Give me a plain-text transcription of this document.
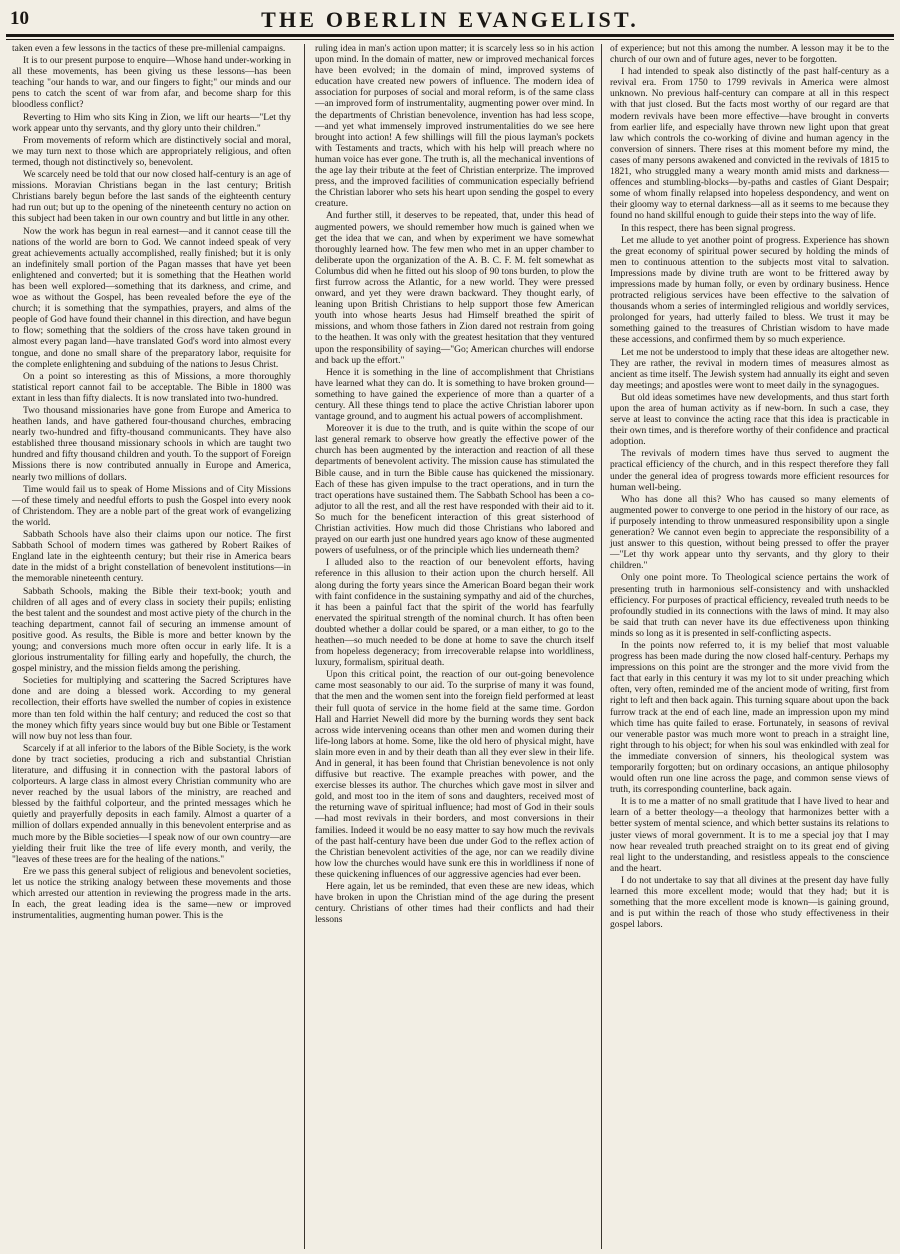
10	THE OBERLIN EVANGELIST.

taken even a few lessons in the tactics of these pre-millenial campaigns.

It is to our present purpose to enquire—Whose hand under-working in all these movements, has been giving us these lessons—has been teaching "our hands to war, and our fingers to fight;" our minds and our pens to catch the scent of war from afar, and become sharp for this bloodless conflict?

Reverting to Him who sits King in Zion, we lift our hearts—"Let thy work appear unto thy servants, and thy glory unto their children."

From movements of reform which are distinctively social and moral, we may turn next to those which are appropriately religious, and often termed, though not distinctively so, benevolent.

We scarcely need be told that our now closed half-century is an age of missions. Moravian Christians began in the last century; British Christians barely begun before the last sands of the eighteenth century had run out; but up to the opening of the nineteenth century no action on this subject had been taken in our own country and but little in any other.

Now the work has begun in real earnest—and it cannot cease till the nations of the world are born to God. We cannot indeed speak of very great achievements actually accomplished, really finished; but it is only an indefinitely small portion of the Pagan masses that have yet been enlightened and converted; but it is something that the Heathen world has been well explored—something that its darkness, and crime, and woe as without the Gospel, has been revealed before the eye of the church; it is something that the sympathies, prayers, and alms of the people of God have found their channel in this direction, and have begun to flow; something that the soldiers of the cross have taken ground in almost every pagan land—have translated God's word into almost every tongue, and done no small share of the preparatory labor, requisite for the complete enlightening and subduing of the nations to Jesus Christ.

On a point so interesting as this of Missions, a more thoroughly statistical report cannot fail to be acceptable. The Bible in 1800 was extant in less than fifty dialects. It is now translated into two-hundred.

Two thousand missionaries have gone from Europe and America to heathen lands, and have gathered four-thousand churches, embracing nearly two-hundred and fifty-thousand communicants. They have also established three thousand missionary schools in which are taught two hundred and fifty thousand children and youth. To the support of Foreign Missions there is now contributed annually in Europe and America, nearly two millions of dollars.

Time would fail us to speak of Home Missions and of City Missions—of these timely and needful efforts to push the Gospel into every nook of Christendom. They are a noble part of the great work of evangelizing the world.

Sabbath Schools have also their claims upon our notice. The first Sabbath School of modern times was gathered by Robert Raikes of England late in the eighteenth century; but their rise in America bears date in the midst of a bright constellation of benevolent institutions—in the memorable nineteenth century.

Sabbath Schools, making the Bible their text-book; youth and children of all ages and of every class in society their pupils; enlisting the best talent and the soundest and most active piety of the church in the teaching department, cannot fail of securing an immense amount of positive good. As results, the Bible is more and better known by the young; and conversions much more often occur in early life. It is a glorious instrumentality for filling early and hopefully, the church, the gospel ministry, and the mission fields among the perishing.

Societies for multiplying and scattering the Sacred Scriptures have done and are doing a blessed work. According to my general recollection, their efforts have swelled the number of copies in existence more than ten fold within the half century; and reduced the cost so that the money which fifty years since would buy but one Bible or Testament will now buy not less than four.

Scarcely if at all inferior to the labors of the Bible Society, is the work done by tract societies, producing a rich and substantial Christian literature, and diffusing it in connection with the pastoral labors of colporteurs. A large class in almost every Christian community who are never reached by the usual labors of the ministry, are reached and blessed by the faithful colporteur, and the printed messages which he quietly and prayerfully deposits in each family. Almost a quarter of a million of dollars expended annually in this benevolent enterprise and as much more by the Bible societies—I speak now of our own country—are yielding their fruit like the tree of life every month, and verily, the "leaves of these trees are for the healing of the nations."

Ere we pass this general subject of religious and benevolent societies, let us notice the striking analogy between these movements and those which arrested our attention in reviewing the progress made in the arts. In each, the great leading idea is the same—new or improved instrumentalities, augmenting human power. This is the

ruling idea in man's action upon matter; it is scarcely less so in his action upon mind. In the domain of matter, new or improved mechanical forces have been evolved; in the domain of mind, improved systems of education have created new powers of influence. The modern idea of association for purposes of social and moral reform, is of the same class—an improved form of instrumentality, augmenting power over mind. In the departments of Christian benevolence, invention has had less scope,—and yet what immensely improved instrumentalities do we see here brought into action! A few shillings will fill the pious layman's pockets with Testaments and tracts, which with his help will preach where no human voice has ever gone. The truth is, all the mechanical inventions of the age lay their tribute at the feet of Christian enterprize. The improved press, and the improved facilities of communication especially befriend the Christian laborer who sets his heart upon sending the gospel to every creature.

And further still, it deserves to be repeated, that, under this head of augmented powers, we should remember how much is gained when we get the idea that we can, and when by experiment we have somewhat thoroughly learned how. The few men who met in an upper chamber to deliberate upon the organization of the A. B. C. F. M. felt somewhat as Columbus did when he fitted out his sloop of 90 tons burden, to plow the first furrow across the Atlantic, for a new world. They were pressed onward, and yet they were drawn backward. They thought early, of leaning upon British Christians to help support those few American youth into whose hearts Jesus had Himself breathed the spirit of missions, and whom those fathers in Zion dared not restrain from going to the heathen. It was only with the greatest hesitation that they ventured upon the responsibility of saying—"Go; American churches will endorse and back up the effort."

Hence it is something in the line of accomplishment that Christians have learned what they can do. It is something to have broken ground—something to have gained the experience of more than a quarter of a century. All these things tend to place the active Christian laborer upon vantage ground, and to augment his actual powers of accomplishment.

Moreover it is due to the truth, and is quite within the scope of our last general remark to observe how greatly the effective power of the church has been augmented by the interaction and reaction of all these departments of benevolent activity. The mission cause has stimulated the Bible cause, and in turn the Bible cause has quickened the missionary. Each of these has given impulse to the tract operations, and in turn the tract operations have sustained them. The Sabbath School has been a co-adjutor to all the rest, and all the rest have responded with their aid to it. So much for the beneficent interaction of this great sisterhood of Christian activities. How much did those Christians who labored and prayed on our earth just one hundred years ago know of these augmented powers of usefulness, or of the principle which lies underneath them?

I alluded also to the reaction of our benevolent efforts, having reference in this allusion to their action upon the church herself. All along during the forty years since the American Board began their work with faint confidence in the sustaining sympathy and aid of the churches, it has been a painful fact that the spirit of the world has fearfully enervated the spiritual strength of the nominal church. It has often been doubted whether a dollar could be spared, or a man either, to go to the heathen—so much needed to be done at home to save the church itself from hopeless degeneracy; from irrecoverable relapse into worldliness, luxury, formalism, spiritual death.

Upon this critical point, the reaction of our out-going benevolence came most seasonably to our aid. To the surprise of many it was found, that the men and the women sent into the foreign field performed at least their full quota of service in the home field at the same time. Gordon Hall and Harriet Newell did more by the burning words they sent back across wide intervening oceans than other men and women during their life-long labors at home. Some, like the old hero of physical might, have slain more even in and by their death than all they ever slew in their life. And in general, it has been found that Christian benevolence is not only diffusive but reactive. The example preaches with power, and the exercise blesses its author. The churches which gave most in silver and gold, and most too in the item of sons and daughters, received most of the returning wave of spiritual influence; had most of God in their souls—had most revivals in their borders, and most conversions in their families. Indeed it would be no easy matter to say how much the revivals of the past half-century have been due under God to the reflex action of the Christian benevolent activities of the age, nor can we readily divine how low the churches would have sunk ere this in worldliness if none of these quickening influences of our aggressive agencies had ever been.

Here again, let us be reminded, that even these are new ideas, which have broken in upon the Christian mind of the age during the present century. Christians of other times had their conflicts and had their lessons

of experience; but not this among the number. A lesson may it be to the church of our own and of future ages, never to be forgotten.

I had intended to speak also distinctly of the past half-century as a revival era. From 1750 to 1799 revivals in America were almost unknown. No previous half-century can compare at all in this respect with that just closed. But the facts most worthy of our regard are that modern revivals have been more effective—have brought in converts from earlier life, and especially have thrown new light upon that great law which controls the co-working of divine and human agency in the conversion of sinners. There rises at this moment before my mind, the cases of many persons awakened and convicted in the revivals of 1815 to 1821, who struggled many a weary month amid mists and darkness—offences and stumbling-blocks—by-paths and castles of Giant Despair; some of whom finally relapsed into hopeless despondency, and went on their gloomy way to eternal darkness—all as it seems to me because they found no hand skillful enough to guide their steps into the way of life.

In this respect, there has been signal progress.

Let me allude to yet another point of progress. Experience has shown the great economy of spiritual power secured by holding the minds of men to continuous attention to the subjects most vital to salvation. Impressions made by divine truth are wont to be frittered away by impressions made by human folly, or even by ordinary business. Hence protracted religious services have been effective to the salvation of thousands whom a series of intermingled religious and worldly services, prolonged for years, had utterly failed to bless. We trust it may be something gained to the treasures of Christian wisdom to have made these accessions, and confirmed them by so much experience.

Let me not be understood to imply that these ideas are altogether new. They are rather, the revival in modern times of measures almost as ancient as time itself. The Jewish system had annually its eight and seven day meetings; and apostles were wont to meet daily in the synagogues.

But old ideas sometimes have new developments, and thus start forth upon the area of human activity as if new-born. In such a case, they serve at least to convince the acting race that this idea is practicable in their own times, and is therefore worthy of their confidence and practical adoption.

The revivals of modern times have thus served to augment the practical efficiency of the church, and in this respect therefore they fall under the general idea of progress towards more efficient resources for human well-being.

Who has done all this? Who has caused so many elements of augmented power to converge to one period in the history of our race, as if purposely intending to throw unmeasured responsibility upon a single generation? We cannot even begin to appreciate the responsibility of a just answer to this question, without being pressed to offer the prayer—"Let thy work appear unto thy servants, and thy glory to their children."

Only one point more. To Theological science pertains the work of presenting truth in harmonious self-consistency and with unshackled efficiency. For purposes of practical efficiency, revealed truth needs to be profoundly studied in its connections with the laws of mind. It may also be said that truth can never have its due effectiveness upon thinking minds so long as it is presented in self-conflicting aspects.

In the points now referred to, it is my belief that most valuable progress has been made during the now closed half-century. Perhaps my impressions on this point are the stronger and the more vivid from the fact that early in this century it was my lot to sit under preaching which often, very often, reminded me of the ancient mode of writing, first from right to left and then back again. This turning square about upon the back furrow track at the end of each line, made an impression upon my mind which time has quite failed to erase. Fortunately, in seasons of revival our venerable pastor was much more wont to preach in a straight line, right through to his object; for when his soul was enkindled with zeal for the immediate conversion of sinners, his theological system was temporarily forgotten; but on ordinary occasions, an antique philosophy would often run one line across the page, and common sense views of truth, its corresponding counterline, back again.

It is to me a matter of no small gratitude that I have lived to hear and learn of a better theology—a theology that harmonizes better with a better system of mental science, and which better sustains its relations to juster views of moral government. It is to me a special joy that I may now hear revealed truth preached straight on to its great end of giving real light to the understanding, and resistless appeals to the conscience and the heart.

I do not undertake to say that all divines at the present day have fully learned this more excellent mode; would that they had; but it is something that the more excellent mode is known—is gaining ground, and is put within the reach of those who study effectiveness in their gospel labors.
